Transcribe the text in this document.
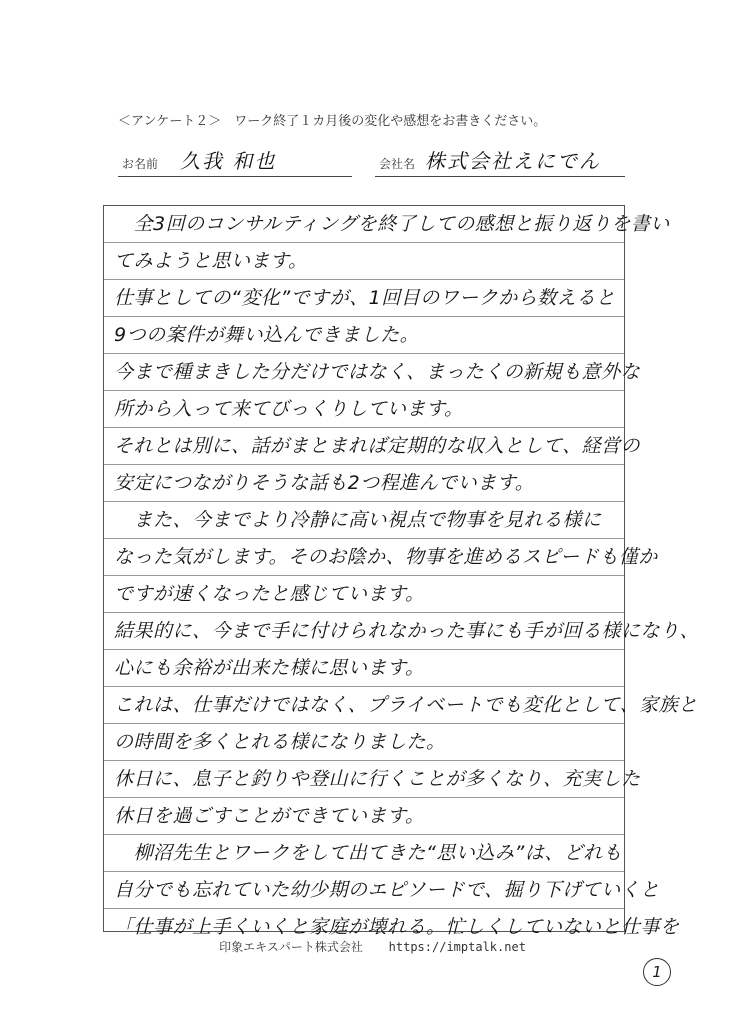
＜アンケート２＞　ワーク終了１カ月後の変化や感想をお書きください。
お名前 久我 和也	会社名 株式会社えにでん
　全3回のコンサルティングを終了しての感想と振り返りを書い
てみようと思います。
仕事としての“変化”ですが、1回目のワークから数えると
9つの案件が舞い込んできました。
今まで種まきした分だけではなく、まったくの新規も意外な
所から入って来てびっくりしています。
それとは別に、話がまとまれば定期的な収入として、経営の
安定につながりそうな話も2つ程進んでいます。
　また、今までより冷静に高い視点で物事を見れる様に
なった気がします。そのお陰か、物事を進めるスピードも僅か
ですが速くなったと感じています。
結果的に、今まで手に付けられなかった事にも手が回る様になり、
心にも余裕が出来た様に思います。
これは、仕事だけではなく、プライベートでも変化として、家族と
の時間を多くとれる様になりました。
休日に、息子と釣りや登山に行くことが多くなり、充実した
休日を過ごすことができています。
　柳沼先生とワークをして出てきた“思い込み”は、どれも
自分でも忘れていた幼少期のエピソードで、掘り下げていくと
「仕事が上手くいくと家庭が壊れる。忙しくしていないと仕事を
印象エキスパート株式会社 https://imptalk.net
1
